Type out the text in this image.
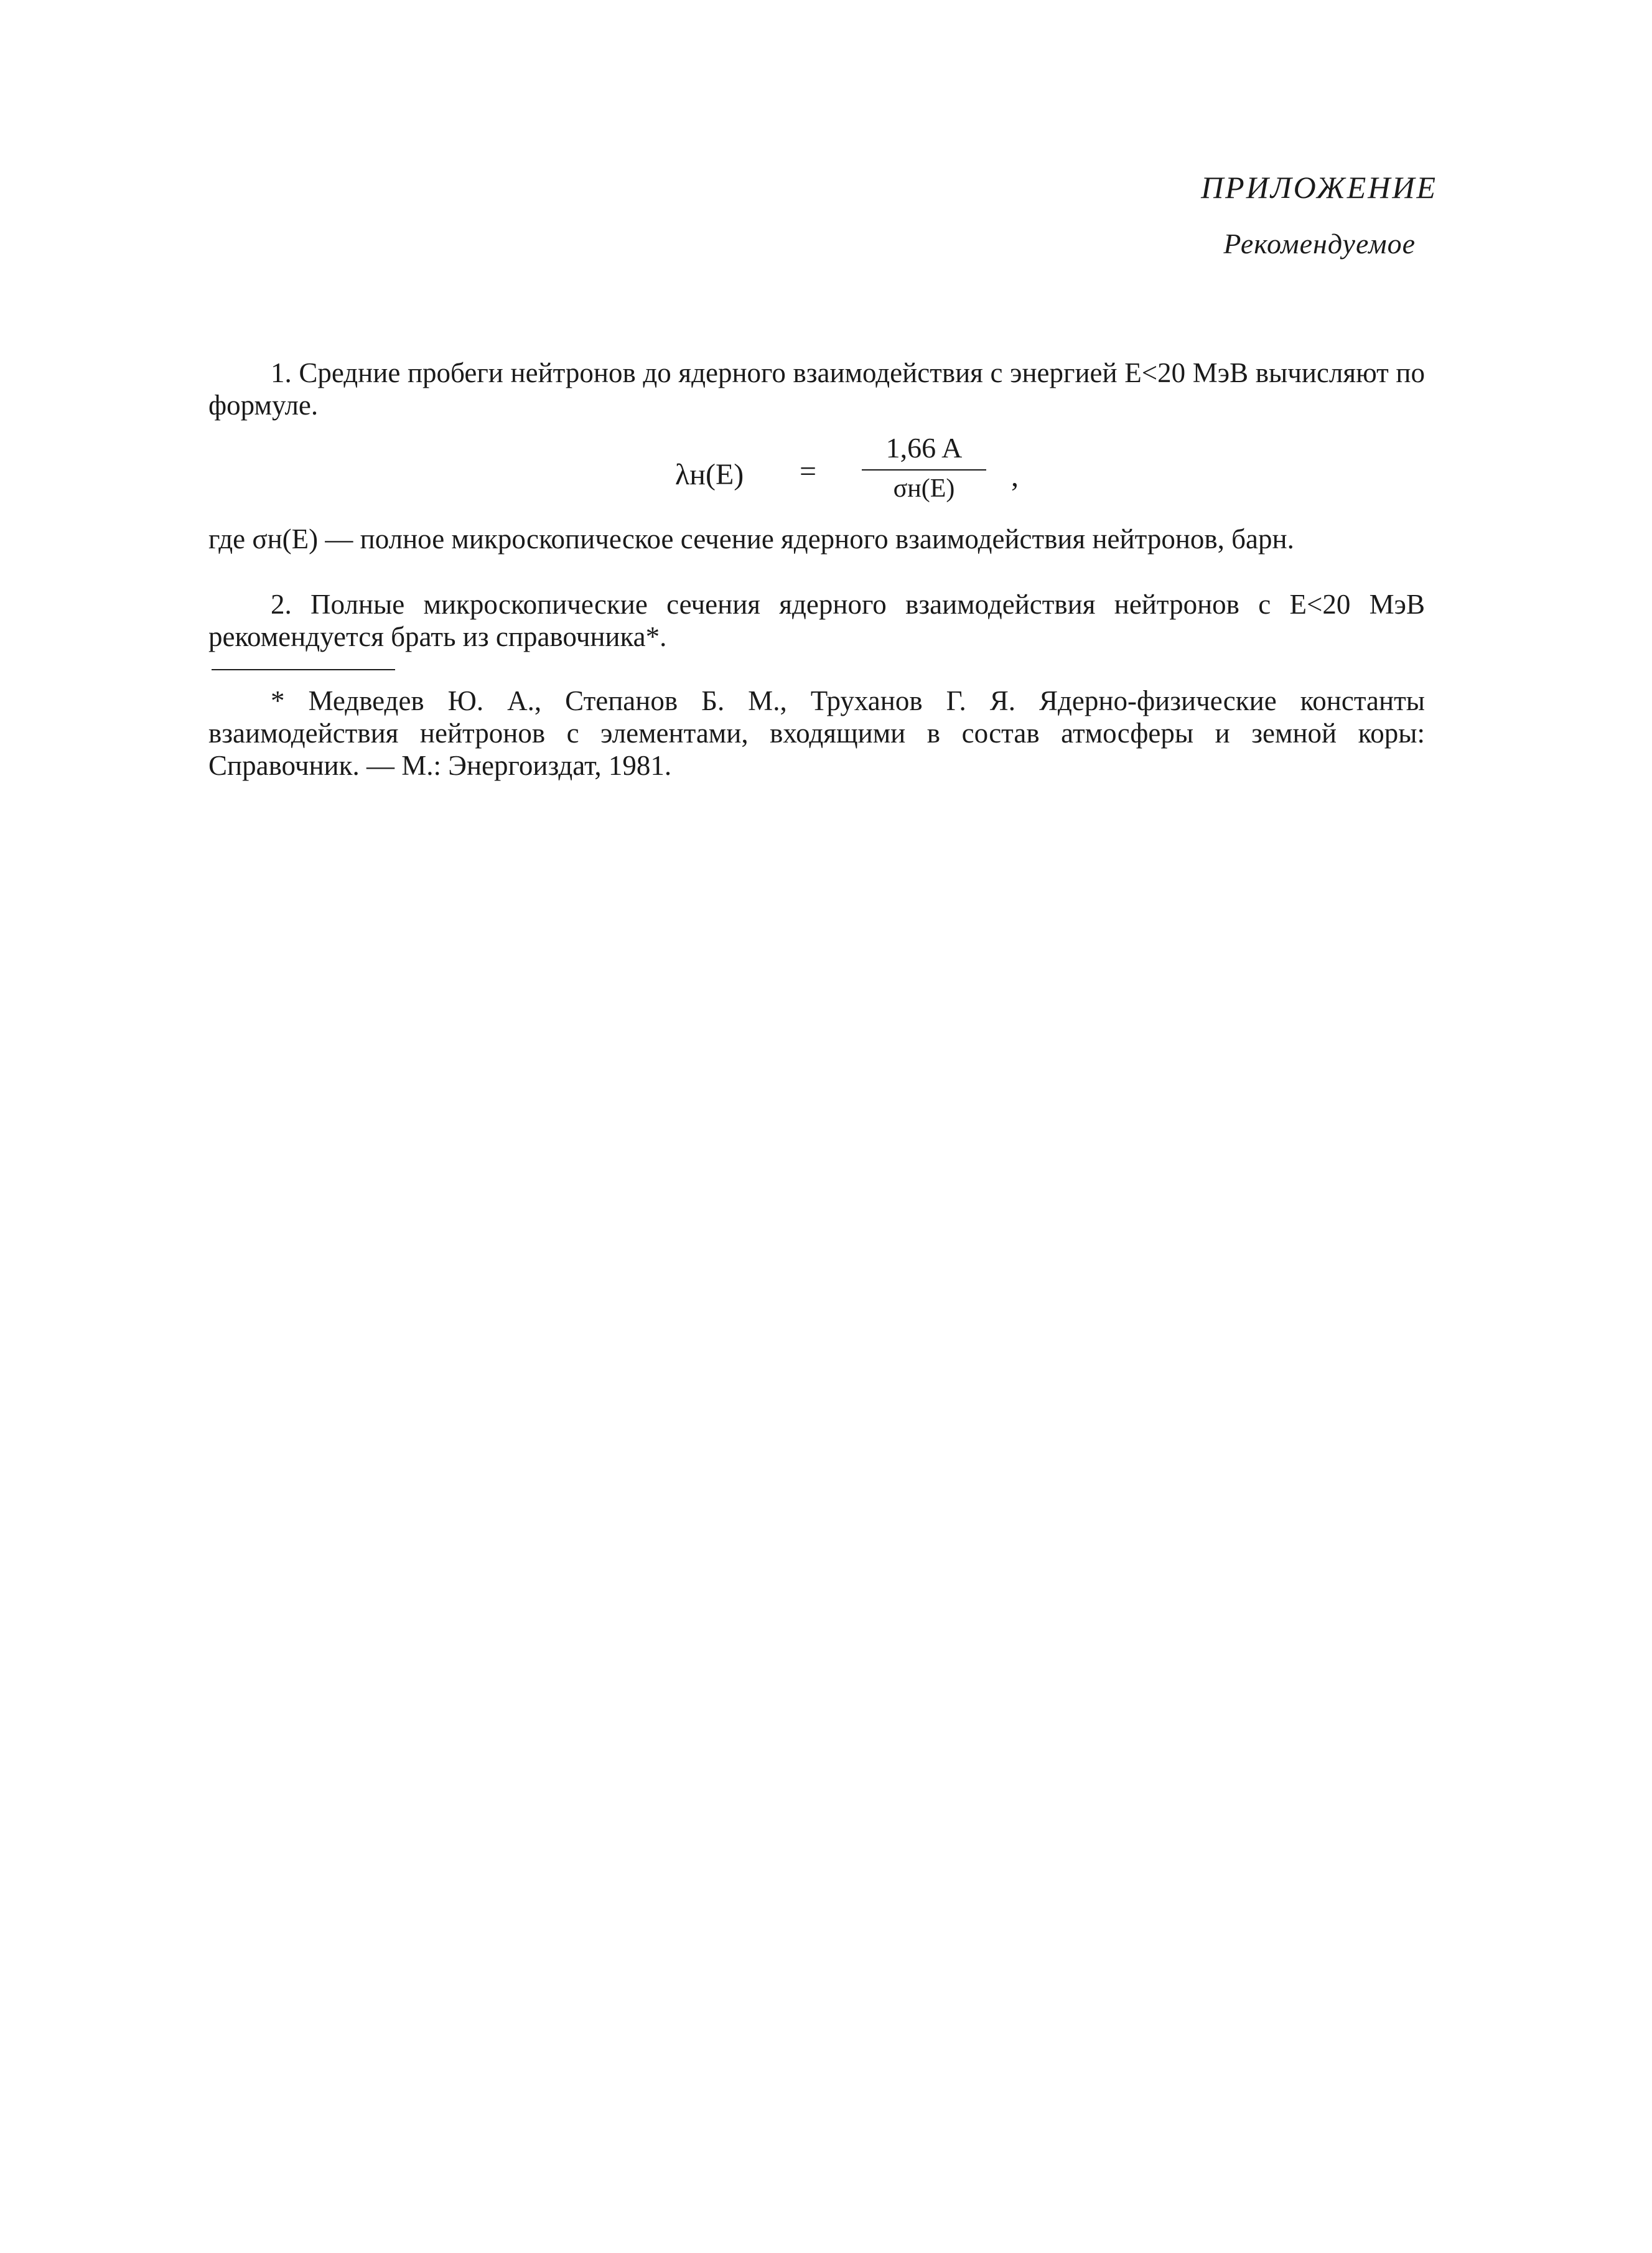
ПРИЛОЖЕНИЕ
Рекомендуемое
1. Средние пробеги нейтронов до ядерного взаимодействия с энергией E<20 МэВ вычисляют по формуле.
λн(E) =
1,66 A
σн(E)	,
где σн(E) — полное микроскопическое сечение ядерного взаимодействия нейтронов, барн.
2. Полные микроскопические сечения ядерного взаимодействия нейтронов с E<20 МэВ рекомендуется брать из справочника*.
* Медведев Ю. А., Степанов Б. М., Труханов Г. Я. Ядерно-физические константы взаимодействия нейтронов с элементами, входящими в состав атмосферы и земной коры: Справочник. — М.: Энергоиздат, 1981.
